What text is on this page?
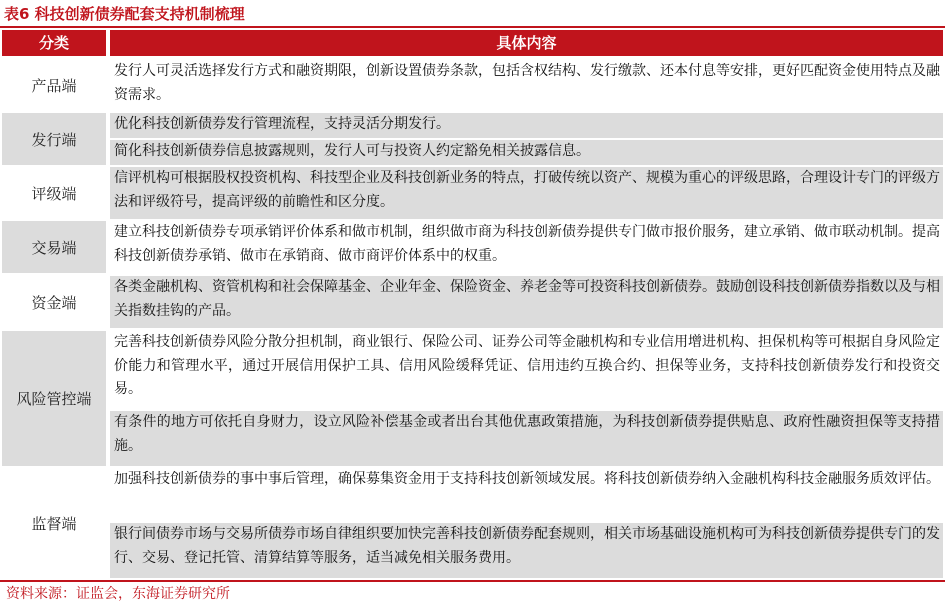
表6 科技创新债券配套支持机制梳理
分类	具体内容
产品端
发行人可灵活选择发行方式和融资期限，创新设置债券条款，包括含权结构、发行缴款、还本付息等安排，更好匹配资金使用特点及融资需求。
发行端
优化科技创新债券发行管理流程，支持灵活分期发行。
简化科技创新债券信息披露规则，发行人可与投资人约定豁免相关披露信息。
评级端
信评机构可根据股权投资机构、科技型企业及科技创新业务的特点，打破传统以资产、规模为重心的评级思路，合理设计专门的评级方法和评级符号，提高评级的前瞻性和区分度。
交易端
建立科技创新债券专项承销评价体系和做市机制，组织做市商为科技创新债券提供专门做市报价服务，建立承销、做市联动机制。提高科技创新债券承销、做市在承销商、做市商评价体系中的权重。
资金端
各类金融机构、资管机构和社会保障基金、企业年金、保险资金、养老金等可投资科技创新债券。鼓励创设科技创新债券指数以及与相关指数挂钩的产品。
风险管控端
完善科技创新债券风险分散分担机制，商业银行、保险公司、证券公司等金融机构和专业信用增进机构、担保机构等可根据自身风险定价能力和管理水平，通过开展信用保护工具、信用风险缓释凭证、信用违约互换合约、担保等业务，支持科技创新债券发行和投资交易。
有条件的地方可依托自身财力，设立风险补偿基金或者出台其他优惠政策措施，为科技创新债券提供贴息、政府性融资担保等支持措施。
监督端
加强科技创新债券的事中事后管理，确保募集资金用于支持科技创新领域发展。将科技创新债券纳入金融机构科技金融服务质效评估。
银行间债券市场与交易所债券市场自律组织要加快完善科技创新债券配套规则，相关市场基础设施机构可为科技创新债券提供专门的发行、交易、登记托管、清算结算等服务，适当减免相关服务费用。
资料来源：证监会，东海证券研究所
